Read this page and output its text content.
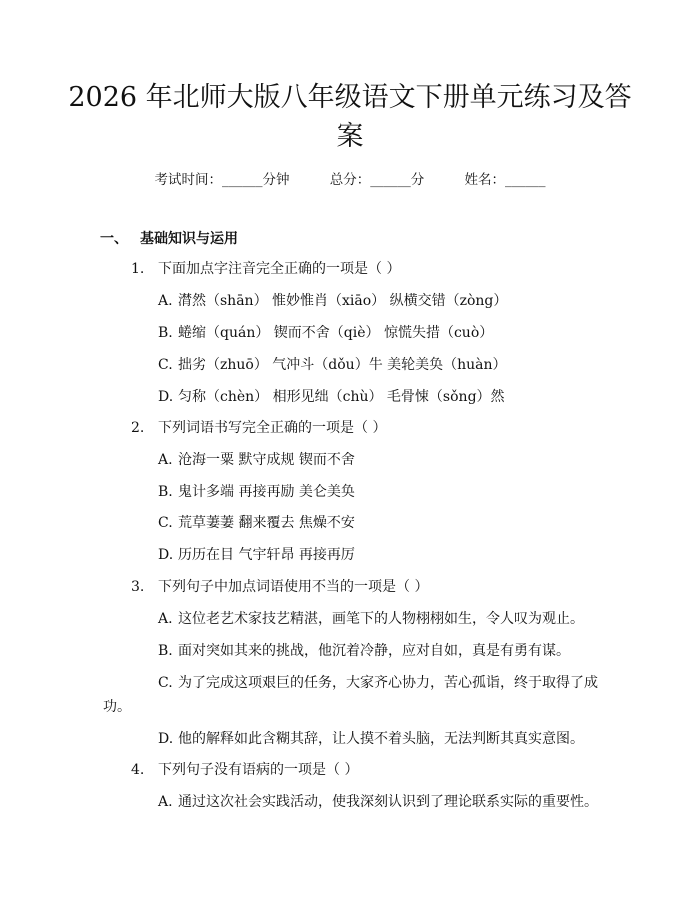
2026 年北师大版八年级语文下册单元练习及答案
考试时间：______分钟	总分：______分	姓名：______
一、 基础知识与运用
1. 下面加点字注音完全正确的一项是（ ）
A. 潸然（shān） 惟妙惟肖（xiāo） 纵横交错（zòng）
B. 蜷缩（quán） 锲而不舍（qiè） 惊慌失措（cuò）
C. 拙劣（zhuō） 气冲斗（dǒu）牛 美轮美奂（huàn）
D. 匀称（chèn） 相形见绌（chù） 毛骨悚（sǒng）然
2. 下列词语书写完全正确的一项是（ ）
A. 沧海一粟 默守成规 锲而不舍
B. 鬼计多端 再接再励 美仑美奂
C. 荒草萋萋 翻来覆去 焦燥不安
D. 历历在目 气宇轩昂 再接再厉
3. 下列句子中加点词语使用不当的一项是（ ）
A. 这位老艺术家技艺精湛，画笔下的人物栩栩如生，令人叹为观止。
B. 面对突如其来的挑战，他沉着冷静，应对自如，真是有勇有谋。
C. 为了完成这项艰巨的任务，大家齐心协力，苦心孤诣，终于取得了成
功。
D. 他的解释如此含糊其辞，让人摸不着头脑，无法判断其真实意图。
4. 下列句子没有语病的一项是（ ）
A. 通过这次社会实践活动，使我深刻认识到了理论联系实际的重要性。
